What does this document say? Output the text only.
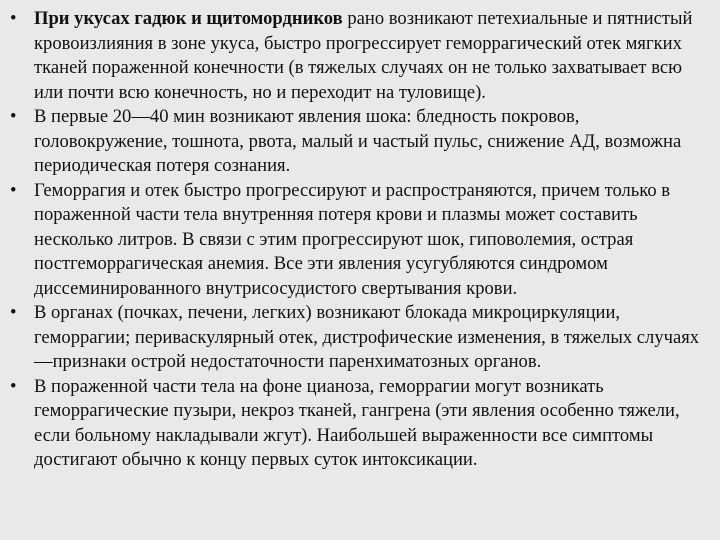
• При укусах гадюк и щитомордников рано возникают петехиальные и пятнистый кровоизлияния в зоне укуса, быстро прогрессирует геморрагический отек мягких тканей пораженной конечности (в тяжелых случаях он не только захватывает всю или почти всю конечность, но и переходит на туловище).
• В первые 20—40 мин возникают явления шока: бледность покровов, головокружение, тошнота, рвота, малый и частый пульс, снижение АД, возможна периодическая потеря сознания.
• Геморрагия и отек быстро прогрессируют и распространяются, причем только в пораженной части тела внутренняя потеря крови и плазмы может составить несколько литров. В связи с этим прогрессируют шок, гиповолемия, острая постгеморрагическая анемия. Все эти явления усугубляются синдромом диссеминированного внутрисосудистого свертывания крови.
• В органах (почках, печени, легких) возникают блокада микроциркуляции, геморрагии; периваскулярный отек, дистрофические изменения, в тяжелых случаях—признаки острой недостаточности паренхиматозных органов.
• В пораженной части тела на фоне цианоза, геморрагии могут возникать геморрагические пузыри, некроз тканей, гангрена (эти явления особенно тяжели, если больному накладывали жгут). Наибольшей выраженности все симптомы достигают обычно к концу первых суток интоксикации.
